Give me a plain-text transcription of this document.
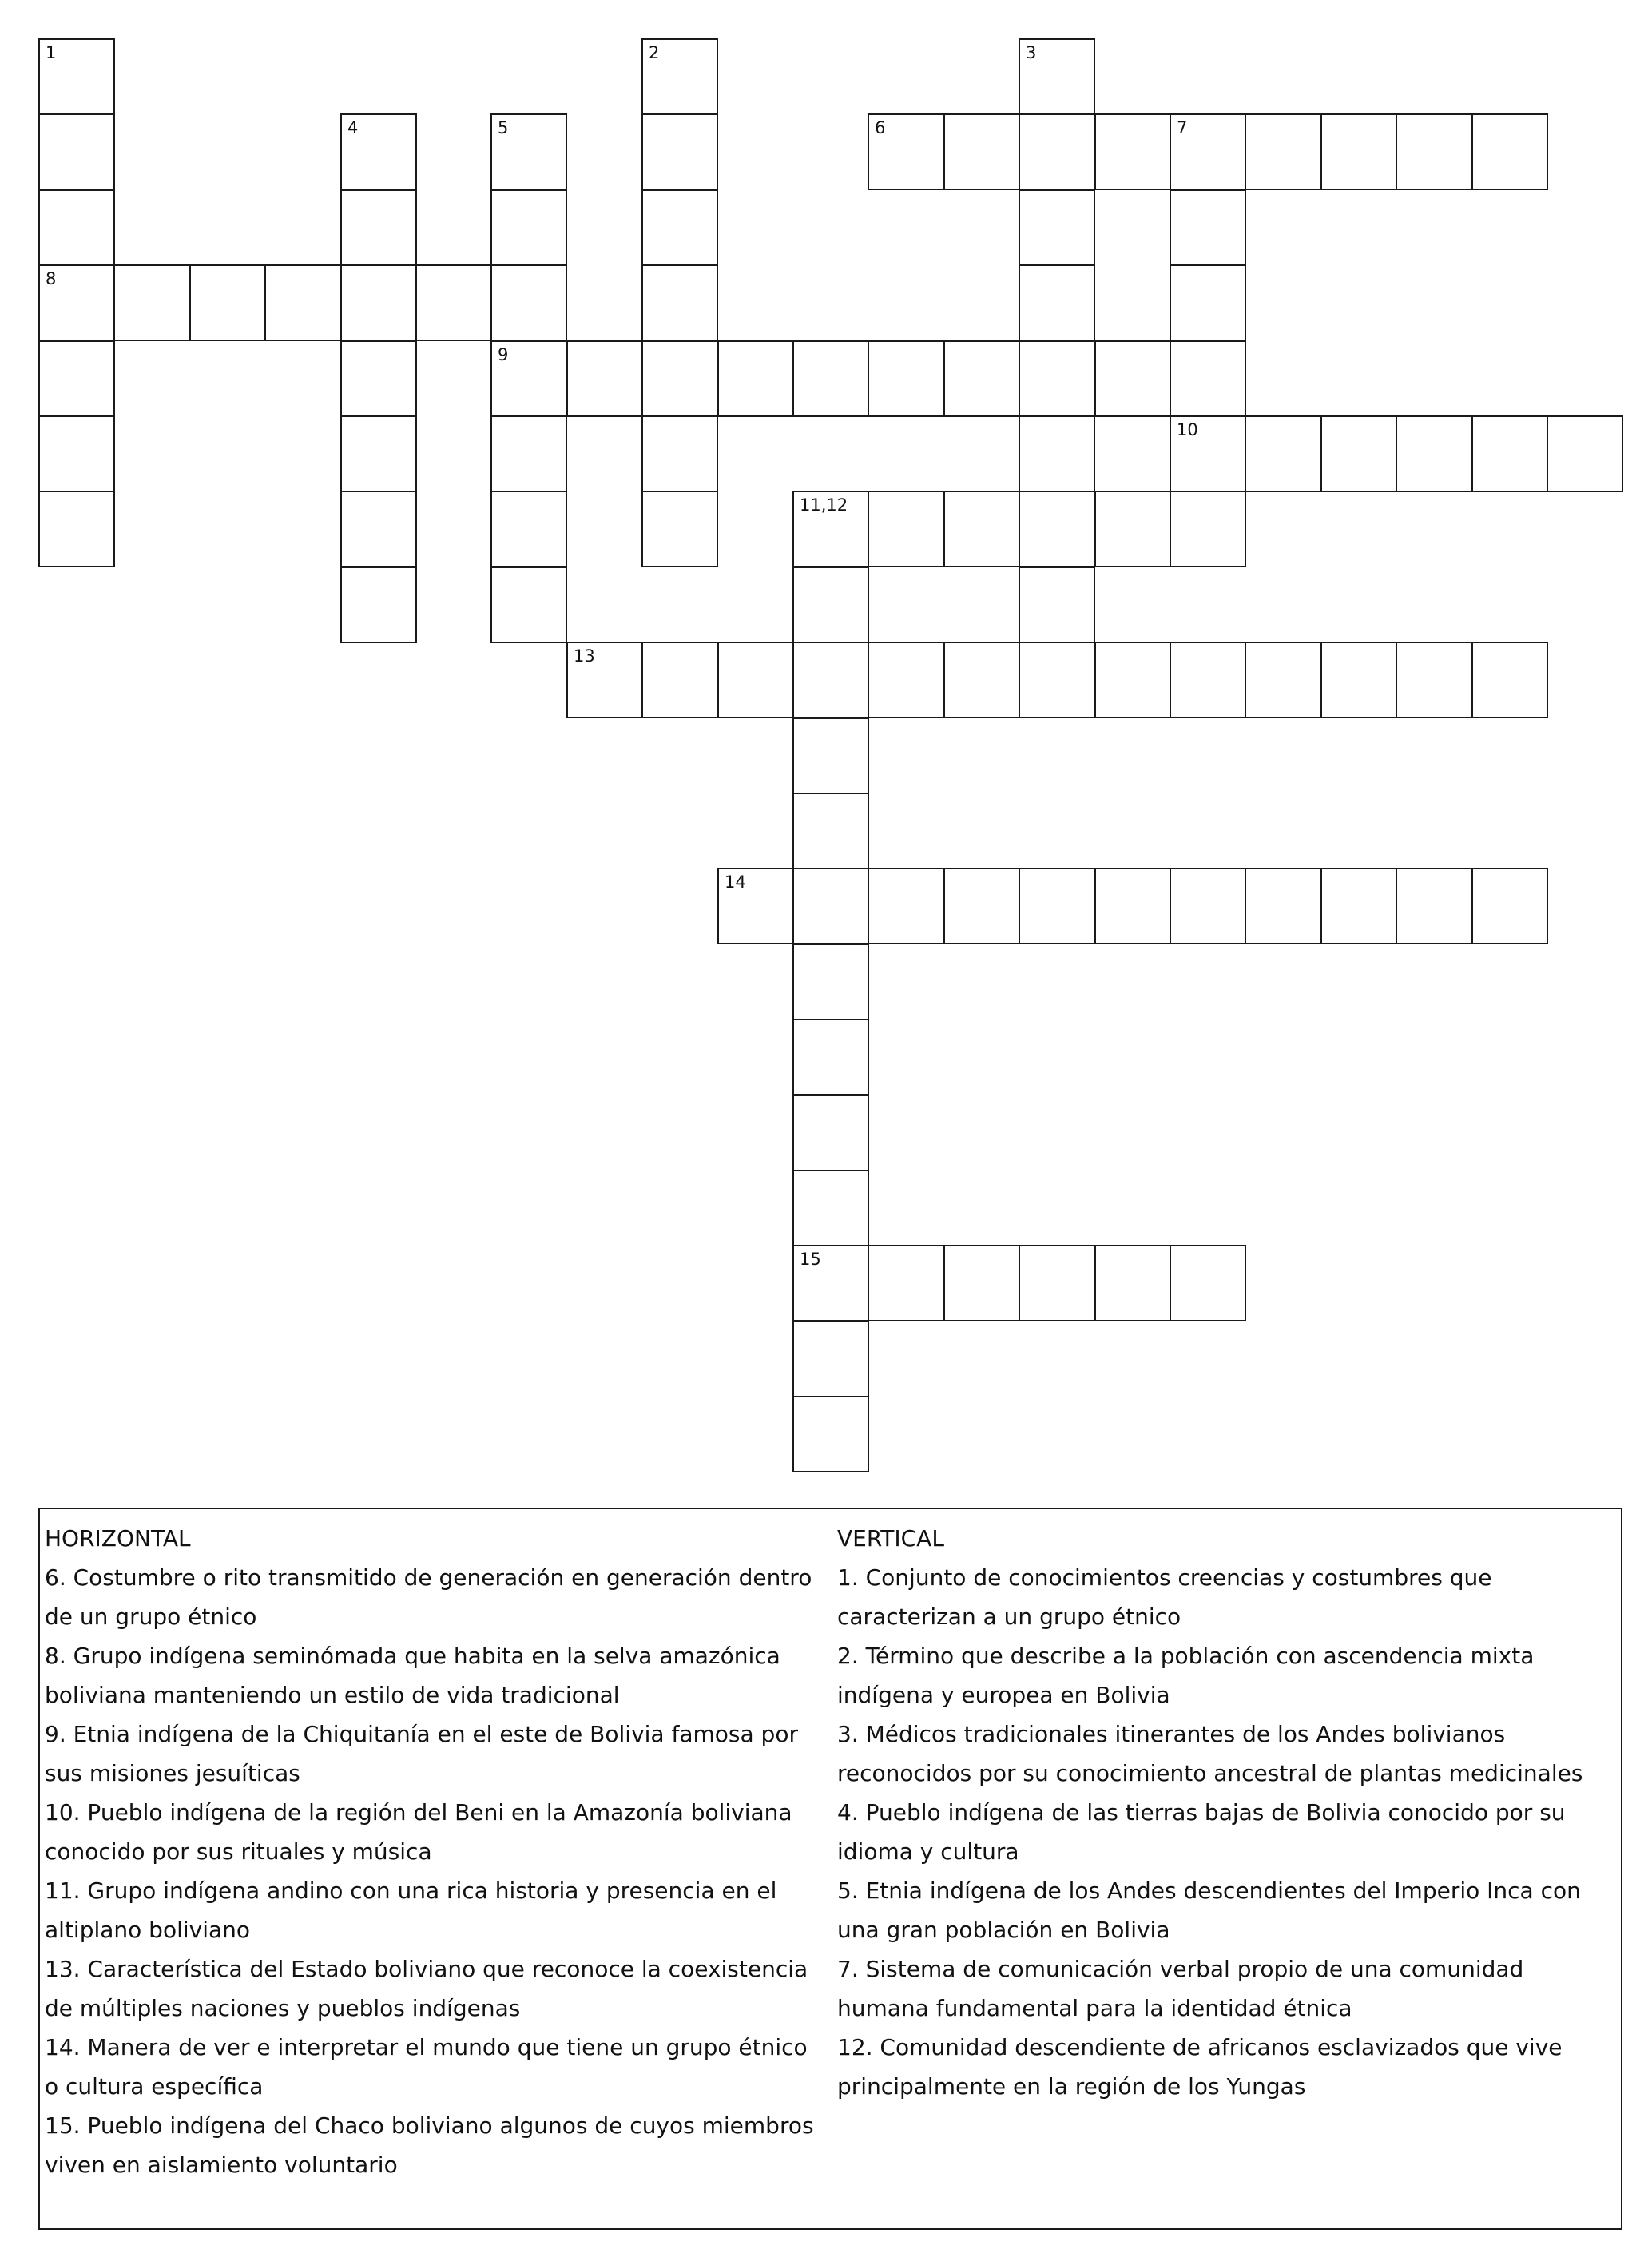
1
8
2	3
4	5
9
6	7
10
11,12
13
14
15
HORIZONTAL
6. Costumbre o rito transmitido de generación en generación dentro de un grupo étnico
8. Grupo indígena seminómada que habita en la selva amazónica boliviana manteniendo un estilo de vida tradicional
9. Etnia indígena de la Chiquitanía en el este de Bolivia famosa por sus misiones jesuíticas
10. Pueblo indígena de la región del Beni en la Amazonía boliviana conocido por sus rituales y música
11. Grupo indígena andino con una rica historia y presencia en el altiplano boliviano
13. Característica del Estado boliviano que reconoce la coexistencia de múltiples naciones y pueblos indígenas
14. Manera de ver e interpretar el mundo que tiene un grupo étnico o cultura específica
15. Pueblo indígena del Chaco boliviano algunos de cuyos miembros viven en aislamiento voluntario
VERTICAL
1. Conjunto de conocimientos creencias y costumbres que caracterizan a un grupo étnico
2. Término que describe a la población con ascendencia mixta indígena y europea en Bolivia
3. Médicos tradicionales itinerantes de los Andes bolivianos reconocidos por su conocimiento ancestral de plantas medicinales
4. Pueblo indígena de las tierras bajas de Bolivia conocido por su idioma y cultura
5. Etnia indígena de los Andes descendientes del Imperio Inca con una gran población en Bolivia
7. Sistema de comunicación verbal propio de una comunidad humana fundamental para la identidad étnica
12. Comunidad descendiente de africanos esclavizados que vive principalmente en la región de los Yungas
